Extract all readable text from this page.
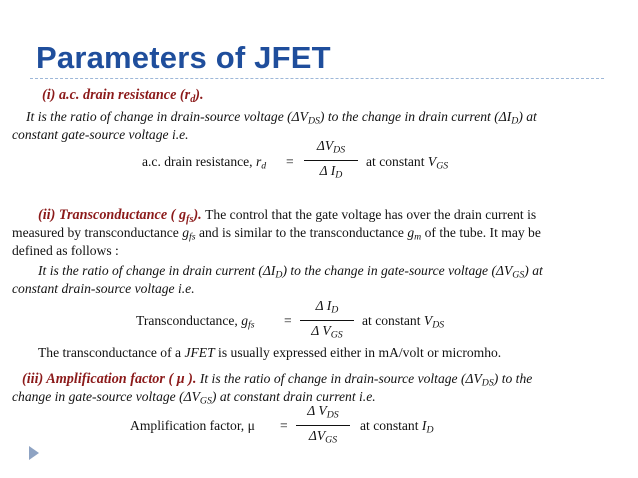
Parameters of JFET
(i) a.c. drain resistance $(r_d)$.
It is the ratio of change in drain-source voltage $(\Delta V_{DS})$ to the change in drain current $(\Delta I_D)$ at
constant gate-source voltage i.e.
a.c. drain resistance, $r_d$ =
$\Delta V_{DS}$
Δ $I_D$
at constant $V_{GS}$
(ii) Transconductance ( $g_{fs}$). The control that the gate voltage has over the drain current is
measured by transconductance $g_{fs}$ and is similar to the transconductance $g_m$ of the tube. It may be
defined as follows :
It is the ratio of change in drain current $(\Delta I_D)$ to the change in gate-source voltage $(\Delta V_{GS})$ at
constant drain-source voltage i.e.
Transconductance, $g_{fs}$ =
Δ $I_D$
Δ $V_{GS}$
at constant $V_{DS}$
The transconductance of a JFET is usually expressed either in mA/volt or micromho.
(iii) Amplification factor ( μ ). It is the ratio of change in drain-source voltage $(\Delta V_{DS})$ to the
change in gate-source voltage $(\Delta V_{GS})$ at constant drain current i.e.
Amplification factor, μ =
Δ $V_{DS}$
$\Delta V_{GS}$
at constant $I_D$
